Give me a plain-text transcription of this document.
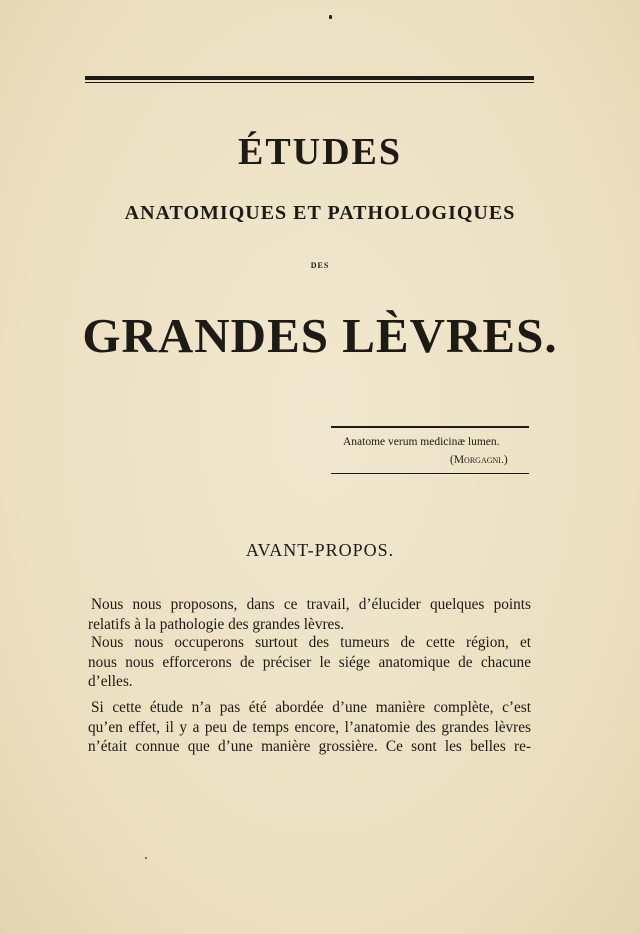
ÉTUDES
ANATOMIQUES ET PATHOLOGIQUES
DES
GRANDES LÈVRES.
Anatome verum medicinæ lumen.
(Morgagni.)
AVANT-PROPOS.
Nous nous proposons, dans ce travail, d’élucider quelques points
relatifs à la pathologie des grandes lèvres.
Nous nous occuperons surtout des tumeurs de cette région, et
nous nous efforcerons de préciser le siége anatomique de chacune
d’elles.
Si cette étude n’a pas été abordée d’une manière complète, c’est
qu’en effet, il y a peu de temps encore, l’anatomie des grandes lèvres
n’était connue que d’une manière grossière. Ce sont les belles re-
